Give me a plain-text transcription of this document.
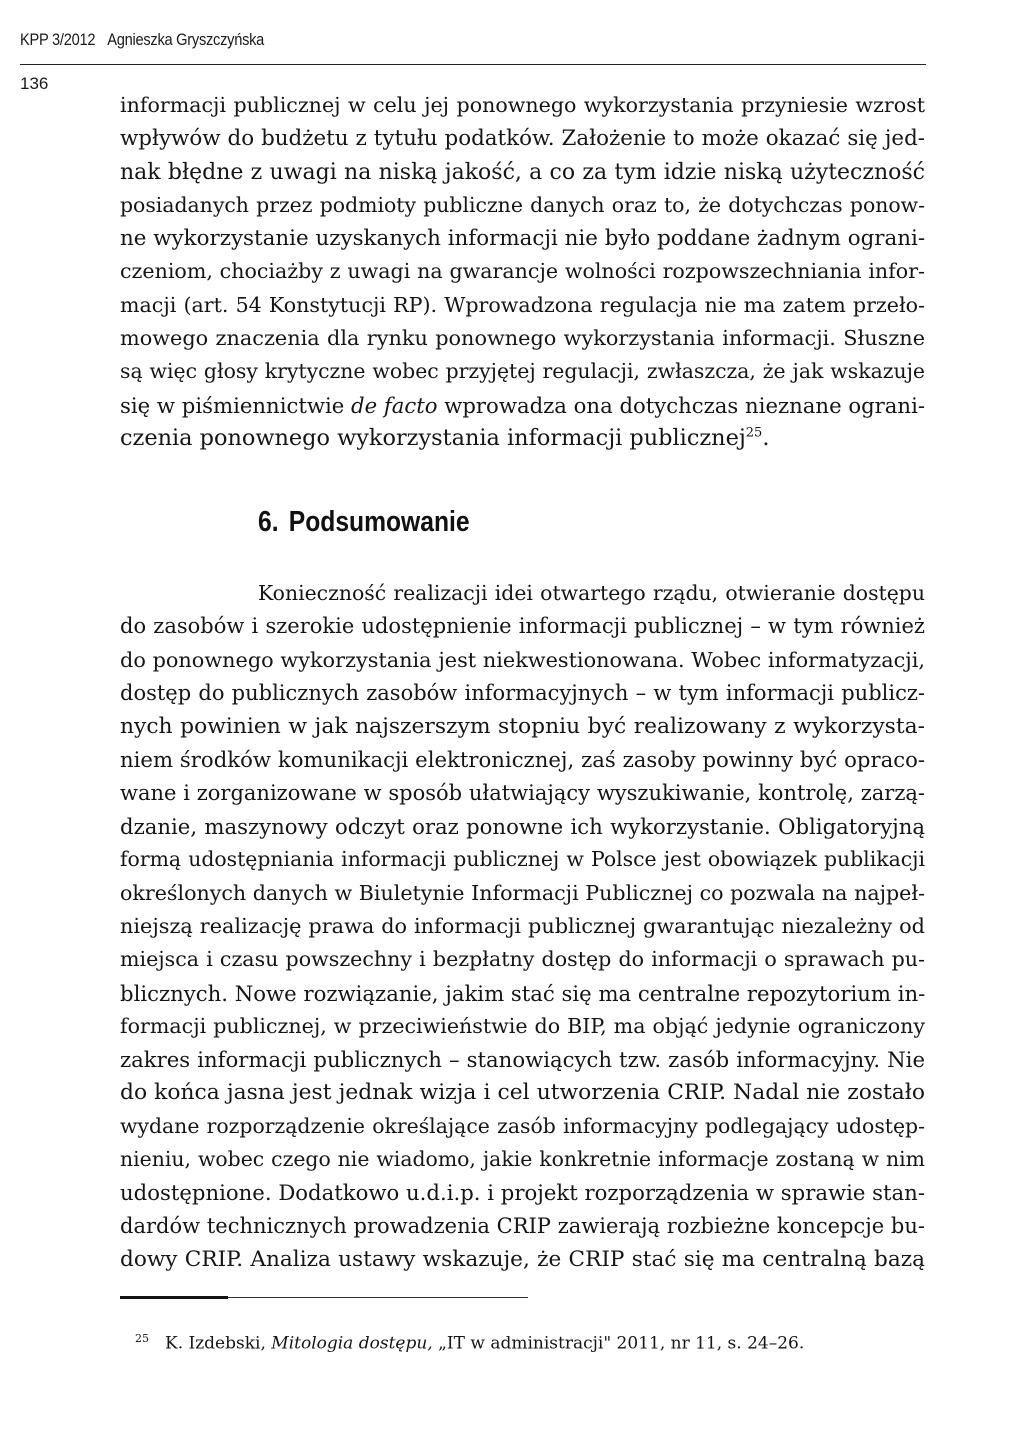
KPP 3/2012 Agnieszka Gryszczyńska
136
informacji publicznej w celu jej ponownego wykorzystania przyniesie wzrost
wpływów do budżetu z tytułu podatków. Założenie to może okazać się jed-
nak błędne z uwagi na niską jakość, a co za tym idzie niską użyteczność
posiadanych przez podmioty publiczne danych oraz to, że dotychczas ponow-
ne wykorzystanie uzyskanych informacji nie było poddane żadnym ograni-
czeniom, chociażby z uwagi na gwarancje wolności rozpowszechniania infor-
macji (art. 54 Konstytucji RP). Wprowadzona regulacja nie ma zatem przeło-
mowego znaczenia dla rynku ponownego wykorzystania informacji. Słuszne
są więc głosy krytyczne wobec przyjętej regulacji, zwłaszcza, że jak wskazuje
się w piśmiennictwie de facto wprowadza ona dotychczas nieznane ograni-
czenia ponownego wykorzystania informacji publicznej$^{25}$.
6. Podsumowanie
Konieczność realizacji idei otwartego rządu, otwieranie dostępu
do zasobów i szerokie udostępnienie informacji publicznej – w tym również
do ponownego wykorzystania jest niekwestionowana. Wobec informatyzacji,
dostęp do publicznych zasobów informacyjnych – w tym informacji publicz-
nych powinien w jak najszerszym stopniu być realizowany z wykorzysta-
niem środków komunikacji elektronicznej, zaś zasoby powinny być opraco-
wane i zorganizowane w sposób ułatwiający wyszukiwanie, kontrolę, zarzą-
dzanie, maszynowy odczyt oraz ponowne ich wykorzystanie. Obligatoryjną
formą udostępniania informacji publicznej w Polsce jest obowiązek publikacji
określonych danych w Biuletynie Informacji Publicznej co pozwala na najpeł-
niejszą realizację prawa do informacji publicznej gwarantując niezależny od
miejsca i czasu powszechny i bezpłatny dostęp do informacji o sprawach pu-
blicznych. Nowe rozwiązanie, jakim stać się ma centralne repozytorium in-
formacji publicznej, w przeciwieństwie do BIP, ma objąć jedynie ograniczony
zakres informacji publicznych – stanowiących tzw. zasób informacyjny. Nie
do końca jasna jest jednak wizja i cel utworzenia CRIP. Nadal nie zostało
wydane rozporządzenie określające zasób informacyjny podlegający udostęp-
nieniu, wobec czego nie wiadomo, jakie konkretnie informacje zostaną w nim
udostępnione. Dodatkowo u.d.i.p. i projekt rozporządzenia w sprawie stan-
dardów technicznych prowadzenia CRIP zawierają rozbieżne koncepcje bu-
dowy CRIP. Analiza ustawy wskazuje, że CRIP stać się ma centralną bazą
$^{25}$ K. Izdebski, Mitologia dostępu, „IT w administracji" 2011, nr 11, s. 24–26.
